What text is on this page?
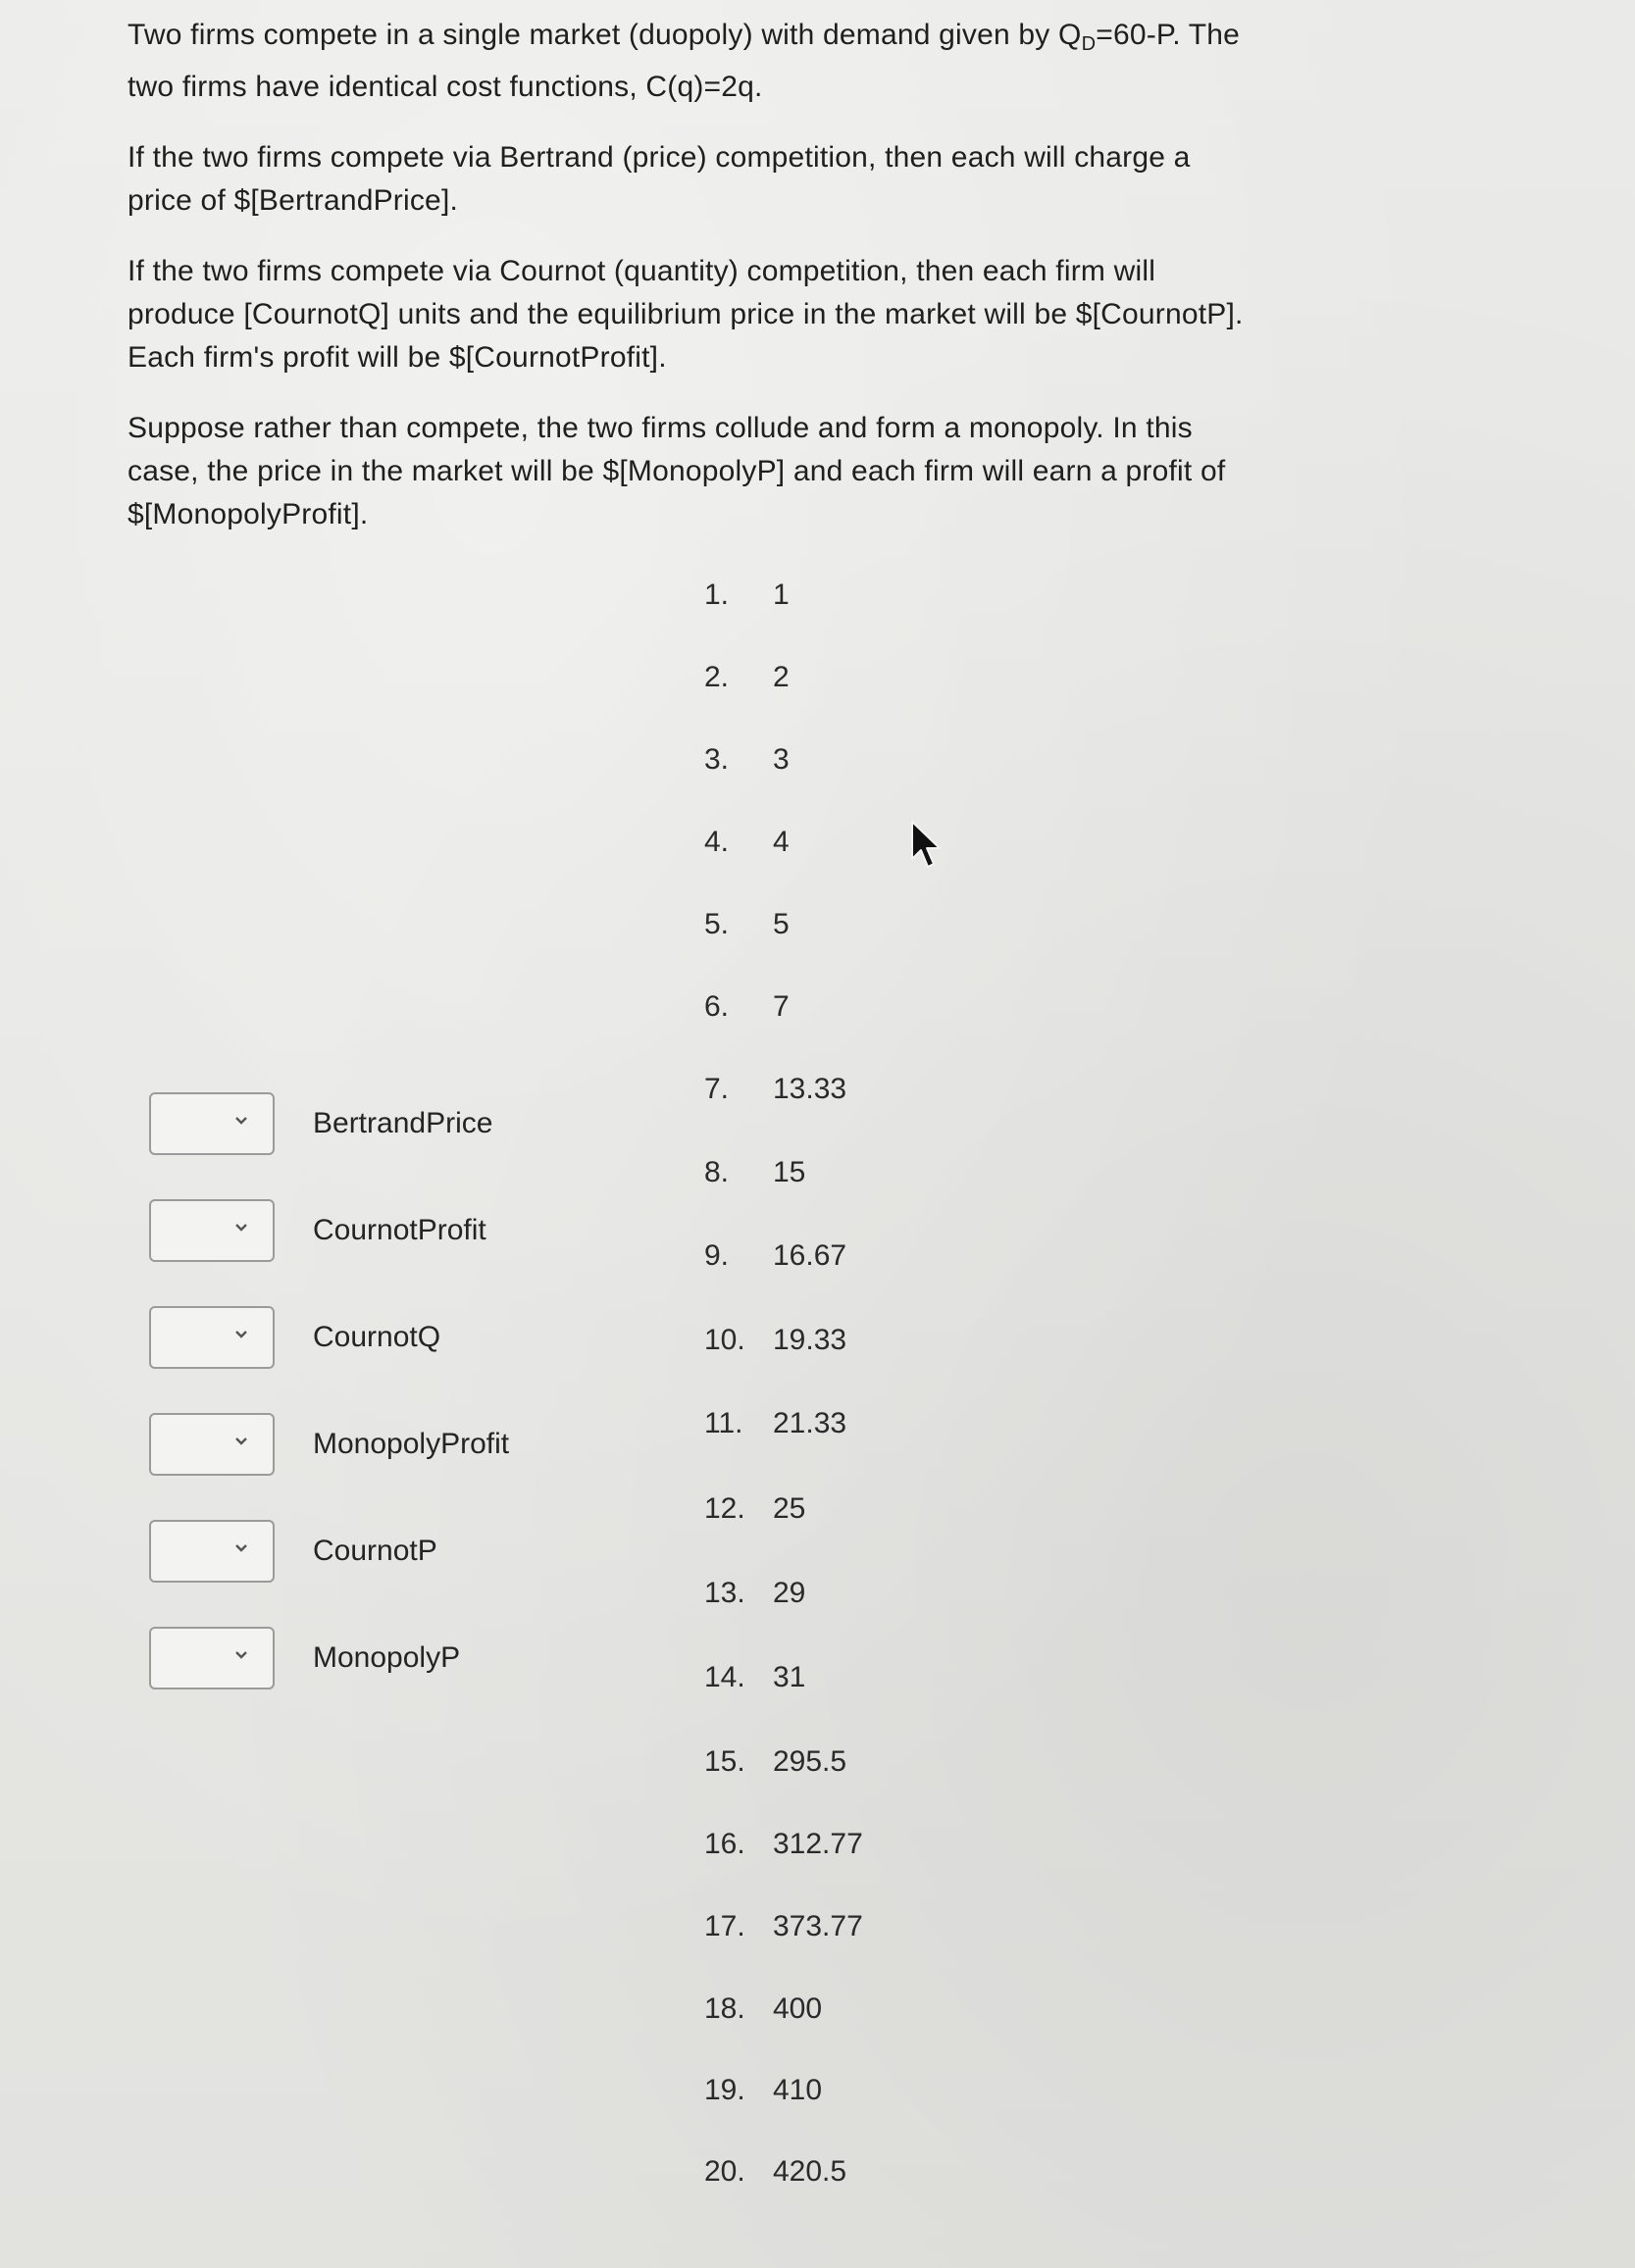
Two firms compete in a single market (duopoly) with demand given by $Q_D=60-P$. The two firms have identical cost functions, C(q)=2q.

If the two firms compete via Bertrand (price) competition, then each will charge a price of $[BertrandPrice].

If the two firms compete via Cournot (quantity) competition, then each firm will produce [CournotQ] units and the equilibrium price in the market will be $[CournotP]. Each firm's profit will be $[CournotProfit].

Suppose rather than compete, the two firms collude and form a monopoly. In this case, the price in the market will be $[MonopolyP] and each firm will earn a profit of $[MonopolyProfit].

BertrandPrice
CournotProfit
CournotQ
MonopolyProfit
CournotP
MonopolyP
1. 1
2. 2
3. 3
4. 4
5. 5
6. 7
7. 13.33
8. 15
9. 16.67
10. 19.33
11. 21.33
12. 25
13. 29
14. 31
15. 295.5
16. 312.77
17. 373.77
18. 400
19. 410
20. 420.5
